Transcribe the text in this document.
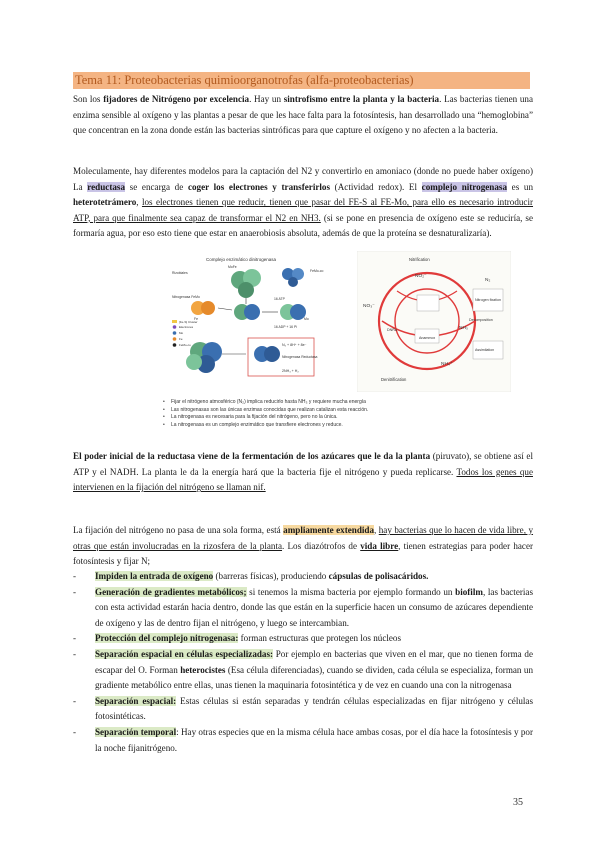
Tema 11: Proteobacterias quimioorganotrofas (alfa-proteobacterias)
Son los fijadores de Nitrógeno por excelencia. Hay un sintrofismo entre la planta y la bacteria. Las bacterias tienen una enzima sensible al oxígeno y las plantas a pesar de que les hace falta para la fotosíntesis, han desarrollado una “hemoglobina” que concentran en la zona donde están las bacterias sintróficas para que capture el oxígeno y no afecten a la bacteria.
Moleculamente, hay diferentes modelos para la captación del N2 y convertirlo en amoniaco (donde no puede haber oxígeno) La reductasa se encarga de coger los electrones y transferirlos (Actividad redox). El complejo nitrogenasa es un heterotetrámero, los electrones tienen que reducir, tienen que pasar del FE-S al FE-Mo, para ello es necesario introducir ATP, para que finalmente sea capaz de transformar el N2 en NH3. (si se pone en presencia de oxígeno este se reduciría, se formaría agua, por eso esto tiene que estar en anaerobiosis absoluta, además de que la proteína se desnaturalizaría).
Complejo enzimático dinitrogenasa
N₂ + 8H⁺ + 8e⁻
2NH₃ + H₂
Nitrogenasa Reductasa
Rizobiales
Nitrogenasa FeMo
FeMo-co
16 ATP
16 ADP + 16 Pi
MoFe
Fe	Mo
[Fe-S] Cluster
Electrones
Mo
Fe
FeMo-co
Nitrification
NO₂⁻
NO₃⁻
N₂
Nitrogen fixation
NH₃
Denitrification
Anammox
DNRA
Assimilation
Decomposition
NH₄⁺
• Fijar el nitrógeno atmosférico (N₂) implica reducirlo hasta NH₃ y requiere mucha energía
• Las nitrogenasas son las únicas enzimas conocidas que realizan catalizan esta reacción.
• La nitrogenasa es necesaria para la fijación del nitrógeno, pero no la única.
• La nitrogenasa es un complejo enzimático que transfiere electrones y reduce.
El poder inicial de la reductasa viene de la fermentación de los azúcares que le da la planta (piruvato), se obtiene así el ATP y el NADH. La planta le da la energía hará que la bacteria fije el nitrógeno y pueda replicarse. Todos los genes que intervienen en la fijación del nitrógeno se llaman nif.
La fijación del nitrógeno no pasa de una sola forma, está ampliamente extendida, hay bacterias que lo hacen de vida libre, y otras que están involucradas en la rizosfera de la planta. Los diazótrofos de vida libre, tienen estrategias para poder hacer fotosíntesis y fijar N;
- Impiden la entrada de oxígeno (barreras físicas), produciendo cápsulas de polisacáridos.
- Generación de gradientes metabólicos; si tenemos la misma bacteria por ejemplo formando un biofilm, las bacterias con esta actividad estarán hacia dentro, donde las que están en la superficie hacen un consumo de azúcares dependiente de oxígeno y las de dentro fijan el nitrógeno, y luego se intercambian.
- Protección del complejo nitrogenasa: forman estructuras que protegen los núcleos
- Separación espacial en células especializadas: Por ejemplo en bacterias que viven en el mar, que no tienen forma de escapar del O. Forman heterocistes (Esa célula diferenciadas), cuando se dividen, cada célula se especializa, forman un gradiente metabólico entre ellas, unas tienen la maquinaria fotosintética y de vez en cuando una con la nitrogenasa
- Separación espacial: Estas células si están separadas y tendrán células especializadas en fijar nitrógeno y células fotosintéticas.
- Separación temporal: Hay otras especies que en la misma célula hace ambas cosas, por el día hace la fotosíntesis y por la noche fijanitrógeno.
35
